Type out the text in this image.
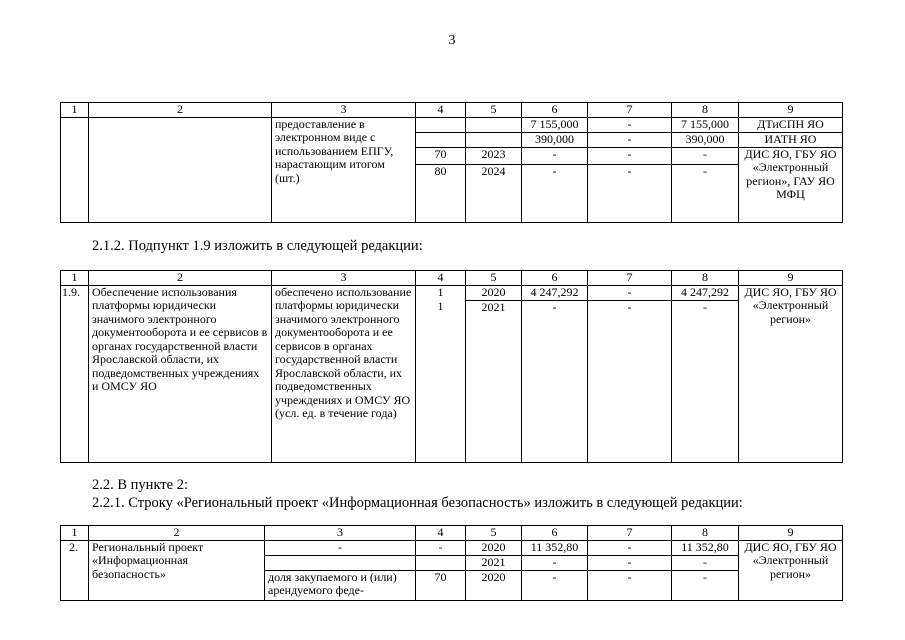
3
1	2	3	4	5	6	7	8	9
		предоставление в электронном виде с использованием ЕПГУ, нарастающим итогом (шт.)			7 155,000	-	7 155,000	ДТиСПН ЯО
					390,000	-	390,000	ИАТН ЯО
			70	2023	-	-	-	ДИС ЯО, ГБУ ЯО «Электронный регион», ГАУ ЯО МФЦ
			80	2024	-	-	-	
2.1.2. Подпункт 1.9 изложить в следующей редакции:
1	2	3	4	5	6	7	8	9
1.9.	Обеспечение использования платформы юридически значимого электронного документооборота и ее сервисов в органах государственной власти Ярославской области, их подведомственных учреждениях и ОМСУ ЯО	обеспечено использование платформы юридически значимого электронного документооборота и ее сервисов в органах государственной власти Ярославской области, их подведомственных учреждениях и ОМСУ ЯО (усл. ед. в течение года)	1	2020	4 247,292	-	4 247,292	ДИС ЯО, ГБУ ЯО «Электронный регион»
			1	2021	-	-	-	
2.2. В пункте 2:
2.2.1. Строку «Региональный проект «Информационная безопасность» изложить в следующей редакции:
1	2	3	4	5	6	7	8	9
2.	Региональный проект «Информационная безопасность»	-	-	2020	11 352,80	-	11 352,80	ДИС ЯО, ГБУ ЯО «Электронный регион»
				2021	-	-	-	
		доля закупаемого и (или) арендуемого феде-	70	2020	-	-	-	
